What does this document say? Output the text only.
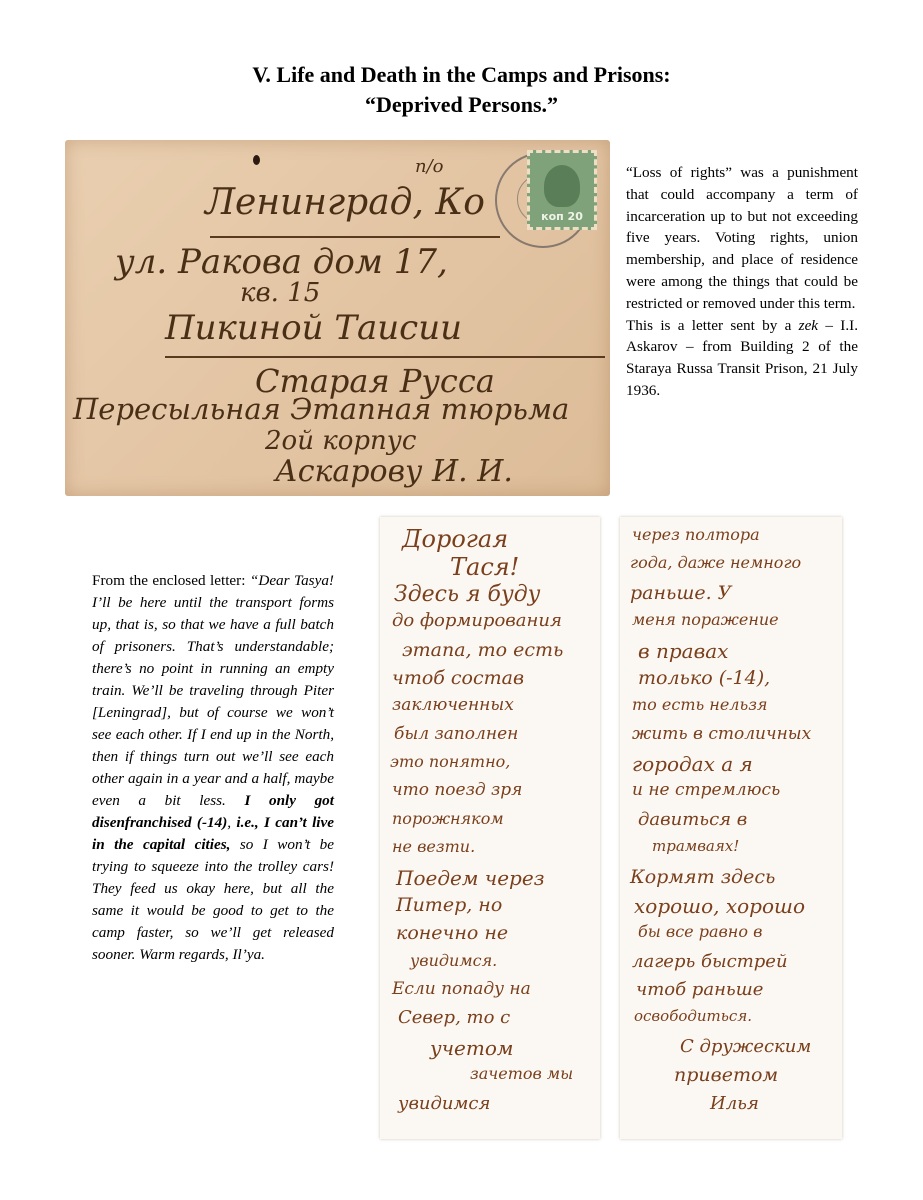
V. Life and Death in the Camps and Prisons:
“Deprived Persons.”
коп 20
п/о
Ленинград, Ко
ул. Ракова дом 17,
кв. 15
Пикиной Таисии
Старая Русса
Пересыльная Этапная тюрьма
2ой корпус
Аскарову И. И.

“Loss of rights” was a punishment that could accompany a term of incarceration up to but not exceeding five years. Voting rights, union membership, and place of residence were among the things that could be restricted or removed under this term.

This is a letter sent by a zek – I.I. Askarov – from Building 2 of the Staraya Russa Transit Prison, 21 July 1936.

From the enclosed letter: “Dear Tasya! I’ll be here until the transport forms up, that is, so that we have a full batch of prisoners. That’s understandable; there’s no point in running an empty train. We’ll be traveling through Piter [Leningrad], but of course we won’t see each other. If I end up in the North, then if things turn out we’ll see each other again in a year and a half, maybe even a bit less. I only got disenfranchised (-14), i.e., I can’t live in the capital cities, so I won’t be trying to squeeze into the trolley cars! They feed us okay here, but all the same it would be good to get to the camp faster, so we’ll get released sooner. Warm regards, Il’ya.

Дорогая
Тася!
Здесь я буду
до формирования
этапа, то есть
чтоб состав
заключенных
был заполнен
это понятно,
что поезд зря
порожняком
не везти.
Поедем через
Питер, но
конечно не
увидимся.
Если попаду на
Север, то с
учетом
зачетов мы
увидимся
через полтора
года, даже немного
раньше. У
меня поражение
в правах
только (-14),
то есть нельзя
жить в столичных
городах а я
и не стремлюсь
давиться в
трамваях!
Кормят здесь
хорошо, хорошо
бы все равно в
лагерь быстрей
чтоб раньше
освободиться.
С дружеским
приветом
Илья
